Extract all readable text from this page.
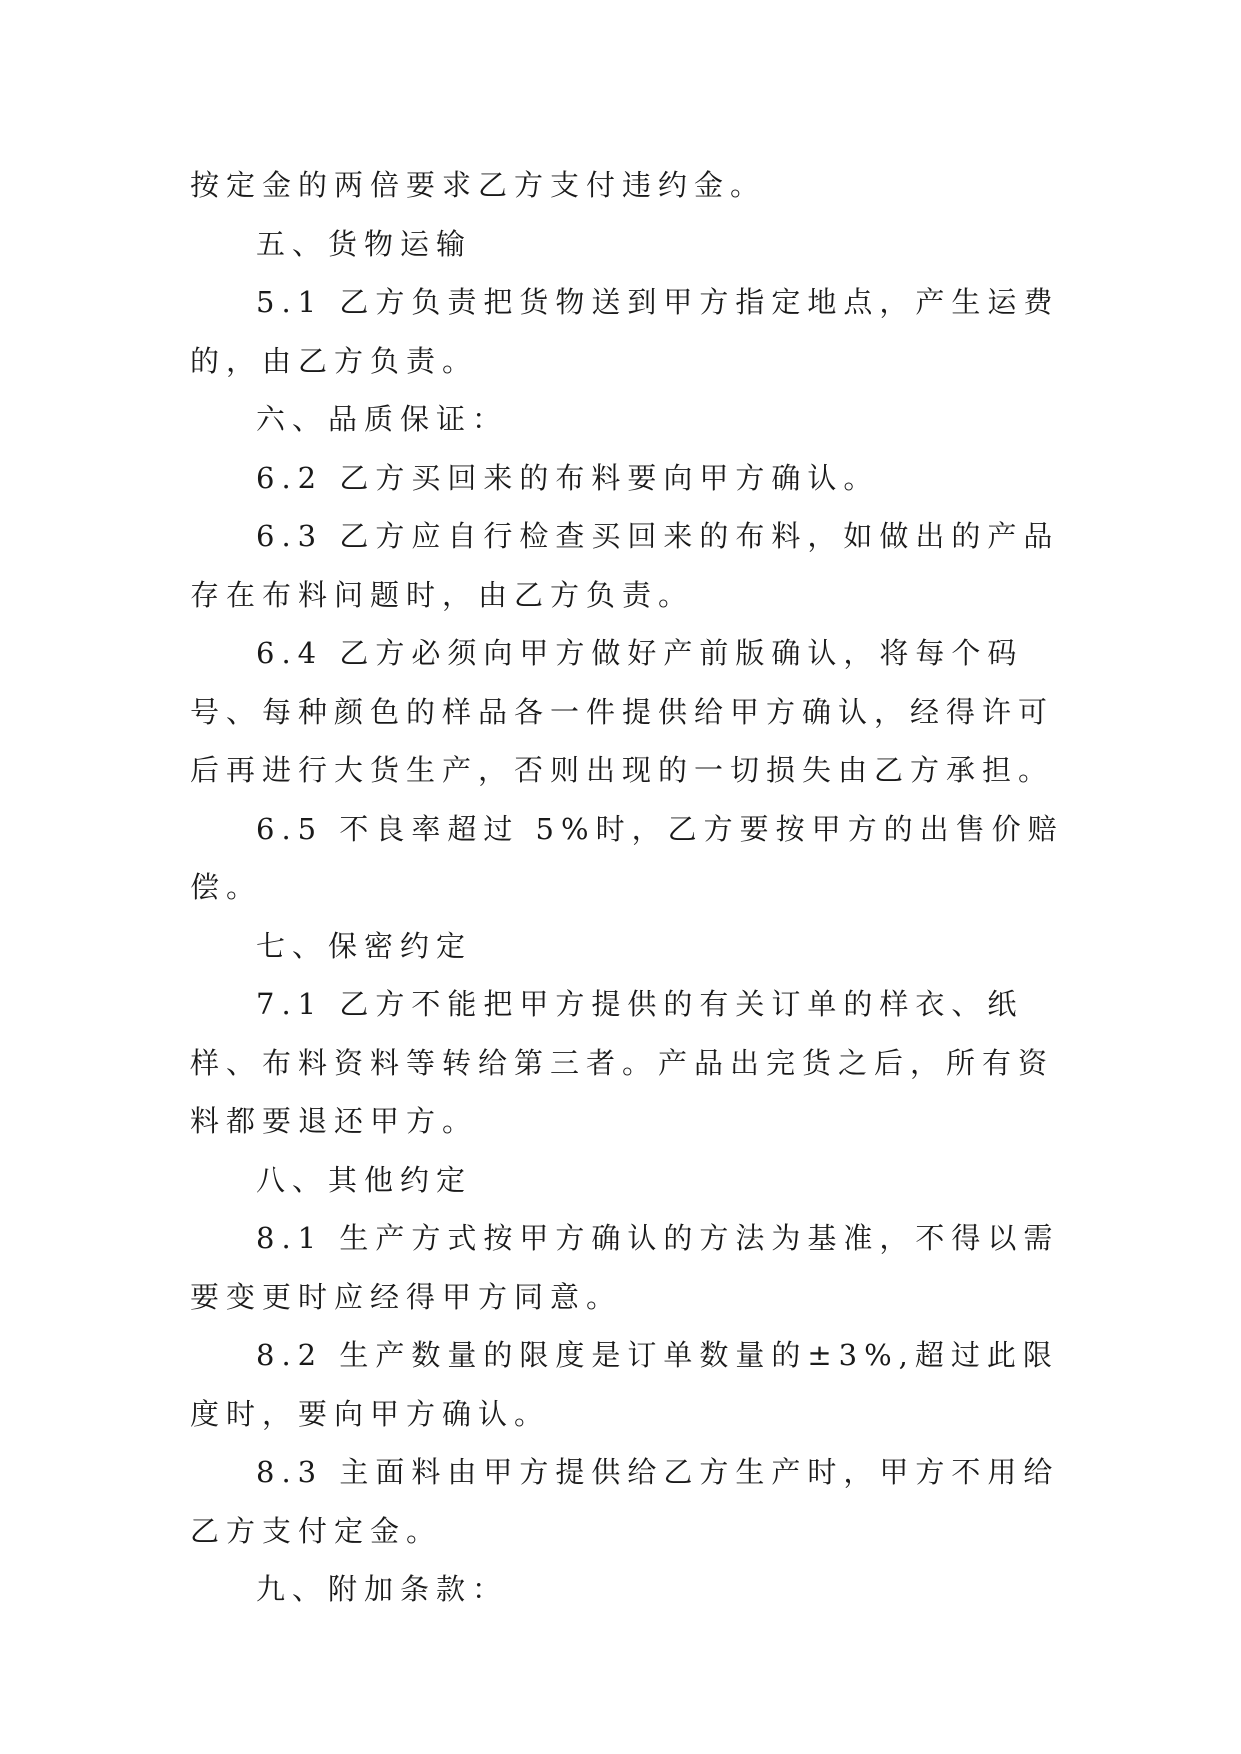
按定金的两倍要求乙方支付违约金。

五、货物运输

5.1 乙方负责把货物送到甲方指定地点，产生运费的，由乙方负责。

六、品质保证：

6.2 乙方买回来的布料要向甲方确认。

6.3 乙方应自行检查买回来的布料，如做出的产品存在布料问题时，由乙方负责。

6.4 乙方必须向甲方做好产前版确认，将每个码号、每种颜色的样品各一件提供给甲方确认，经得许可后再进行大货生产，否则出现的一切损失由乙方承担。

6.5 不良率超过 5%时，乙方要按甲方的出售价赔偿。

七、保密约定

7.1 乙方不能把甲方提供的有关订单的样衣、纸样、布料资料等转给第三者。产品出完货之后，所有资料都要退还甲方。

八、其他约定

8.1 生产方式按甲方确认的方法为基准，不得以需要变更时应经得甲方同意。

8.2 生产数量的限度是订单数量的±3%,超过此限度时，要向甲方确认。

8.3 主面料由甲方提供给乙方生产时，甲方不用给乙方支付定金。

九、附加条款：
